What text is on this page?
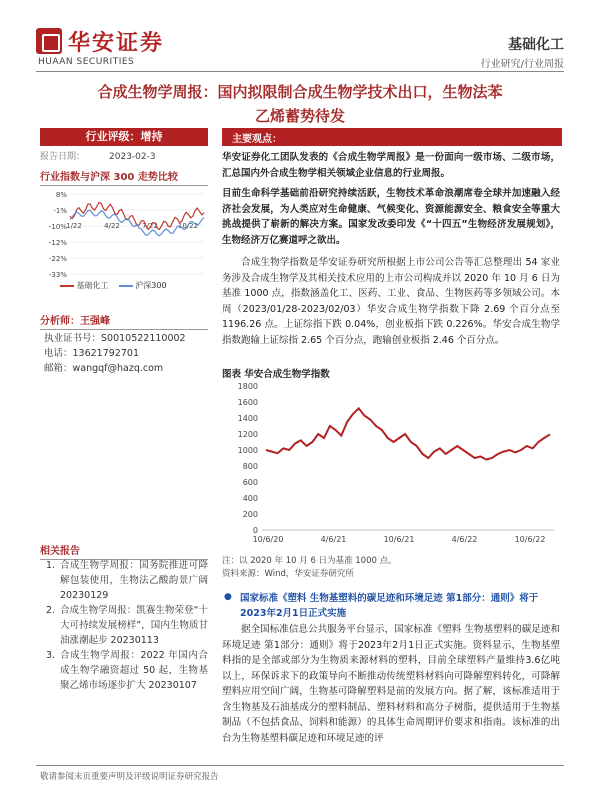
华安证券
HUAAN SECURITIES
基础化工
行业研究/行业周报
合成生物学周报：国内拟限制合成生物学技术出口，生物法苯
乙烯蓄势待发
行业评级：增持
报告日期：	2023-02-3
行业指数与沪深 300 走势比较
8%
-1%
-10%
-12%
-22%
-33%
1/22	4/22	7/22	10/22
基础化工	沪深300
分析师：王强峰
执业证书号：S0010522110002
电话：13621792701
邮箱：wangqf@hazq.com
相关报告
1. 合成生物学周报：国务院推进可降解包装使用，生物法乙酸韵景广阔 20230129
2. 合成生物学周报：凯赛生物荣登“十大可持续发展榜样”，国内生物质甘油涨潮起步 20230113
3. 合成生物学周报：2022 年国内合成生物学融资超过 50 起，生物基聚乙烯市场逐步扩大 20230107
主要观点：
华安证券化工团队发表的《合成生物学周报》是一份面向一级市场、二级市场，汇总国内外合成生物学相关领域企业信息的行业周报。
目前生命科学基础前沿研究持续活跃，生物技术革命浪潮席卷全球并加速融入经济社会发展，为人类应对生命健康、气候变化、资源能源安全、粮食安全等重大挑战提供了崭新的解决方案。国家发改委印发《“十四五”生物经济发展规划》，生物经济万亿赛道呼之欲出。
合成生物学指数是华安证券研究所根据上市公司公告等汇总整理出 54 家业务涉及合成生物学及其相关技术应用的上市公司构成并以 2020 年 10 月 6 日为基准 1000 点，指数涵盖化工、医药、工业、食品、生物医药等多领域公司。本周（2023/01/28-2023/02/03）华安合成生物学指数下降 2.69 个百分点至 1196.26 点。上证综指下跌 0.04%，创业板指下跌 0.226%。华安合成生物学指数跑输上证综指 2.65 个百分点，跑输创业板指 2.46 个百分点。
图表 华安合成生物学指数
0
200
400
600
800
1000
1200
1400
1600
1800
10/6/20	4/6/21	10/6/21	4/6/22	10/6/22
注：以 2020 年 10 月 6 日为基准 1000 点。
资料来源：Wind，华安证券研究所
● 国家标准《塑料 生物基塑料的碳足迹和环境足迹 第1部分：通则》将于2023年2月1日正式实施
据全国标准信息公共服务平台显示，国家标准《塑料 生物基塑料的碳足迹和环境足迹 第1部分：通则》将于2023年2月1日正式实施。资料显示，生物基塑料指的是全部或部分为生物质来源材料的塑料，目前全球塑料产量维持3.6亿吨以上，环保诉求下的政策导向不断推动传统塑料材料向可降解塑料转化，可降解塑料应用空间广阔，生物基可降解塑料是前的发展方向。据了解，该标准适用于含生物基及石油基成分的塑料制品、塑料材料和高分子树脂，提供适用于生物基制品（不包括食品、饲料和能源）的具体生命周期评价要求和指南。该标准的出台为生物基塑料碳足迹和环境足迹的评
敬请参阅末页重要声明及评级说明证券研究报告
